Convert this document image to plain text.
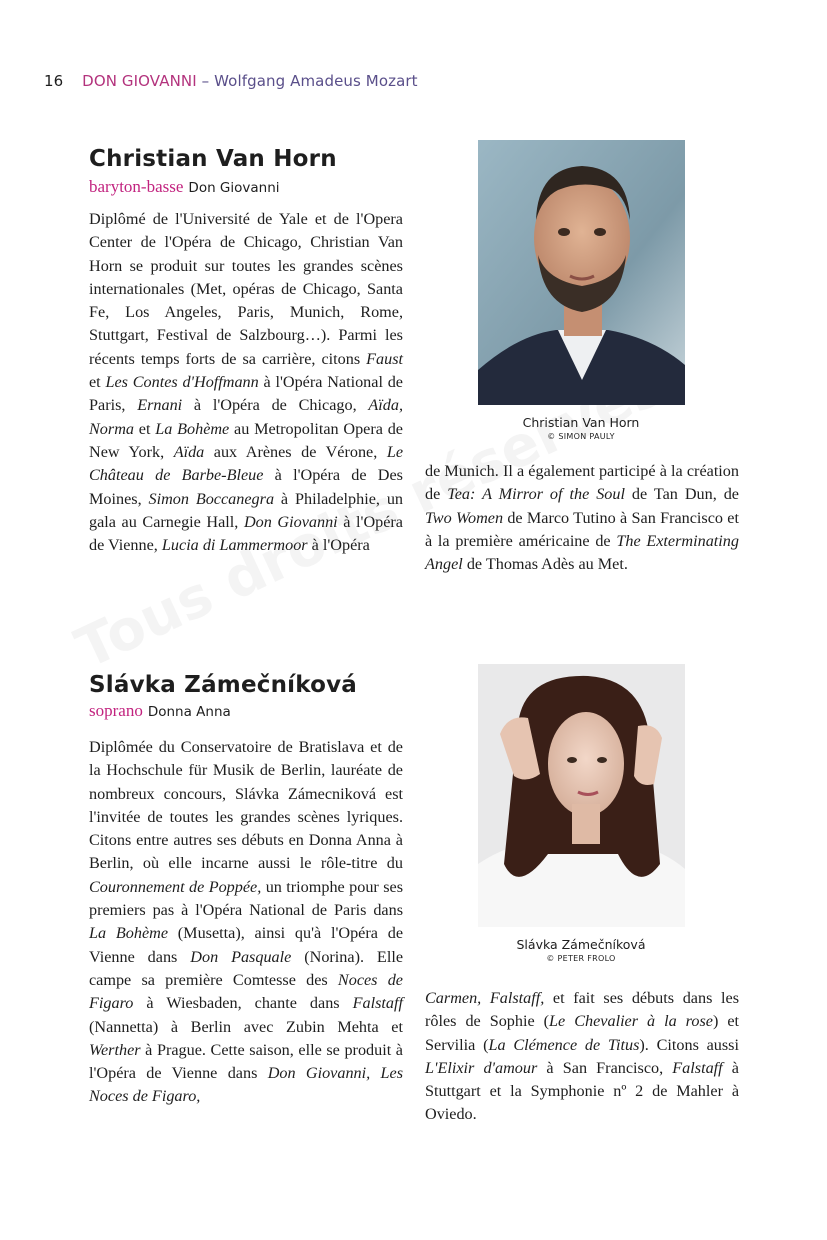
16 DON GIOVANNI – Wolfgang Amadeus Mozart
Christian Van Horn
baryton-basse Don Giovanni

Diplômé de l'Université de Yale et de l'Opera Center de l'Opéra de Chicago, Christian Van Horn se produit sur toutes les grandes scènes internationales (Met, opéras de Chicago, Santa Fe, Los Angeles, Paris, Munich, Rome, Stuttgart, Festival de Salzbourg…). Parmi les récents temps forts de sa carrière, citons Faust et Les Contes d'Hoffmann à l'Opéra National de Paris, Ernani à l'Opéra de Chicago, Aïda, Norma et La Bohème au Metropolitan Opera de New York, Aïda aux Arènes de Vérone, Le Château de Barbe-Bleue à l'Opéra de Des Moines, Simon Boccanegra à Philadelphie, un gala au Carnegie Hall, Don Giovanni à l'Opéra de Vienne, Lucia di Lammermoor à l'Opéra

Christian Van Horn
© SIMON PAULY

de Munich. Il a également participé à la création de Tea: A Mirror of the Soul de Tan Dun, de Two Women de Marco Tutino à San Francisco et à la première américaine de The Exterminating Angel de Thomas Adès au Met.

Slávka Zámečníková
soprano Donna Anna

Diplômée du Conservatoire de Bratislava et de la Hochschule für Musik de Berlin, lauréate de nombreux concours, Slávka Zámecniková est l'invitée de toutes les grandes scènes lyriques. Citons entre autres ses débuts en Donna Anna à Berlin, où elle incarne aussi le rôle-titre du Couronnement de Poppée, un triomphe pour ses premiers pas à l'Opéra National de Paris dans La Bohème (Musetta), ainsi qu'à l'Opéra de Vienne dans Don Pasquale (Norina). Elle campe sa première Comtesse des Noces de Figaro à Wiesbaden, chante dans Falstaff (Nannetta) à Berlin avec Zubin Mehta et Werther à Prague. Cette saison, elle se produit à l'Opéra de Vienne dans Don Giovanni, Les Noces de Figaro,

Slávka Zámečníková
© PETER FROLO

Carmen, Falstaff, et fait ses débuts dans les rôles de Sophie (Le Chevalier à la rose) et Servilia (La Clémence de Titus). Citons aussi L'Elixir d'amour à San Francisco, Falstaff à Stuttgart et la Symphonie nº 2 de Mahler à Oviedo.
